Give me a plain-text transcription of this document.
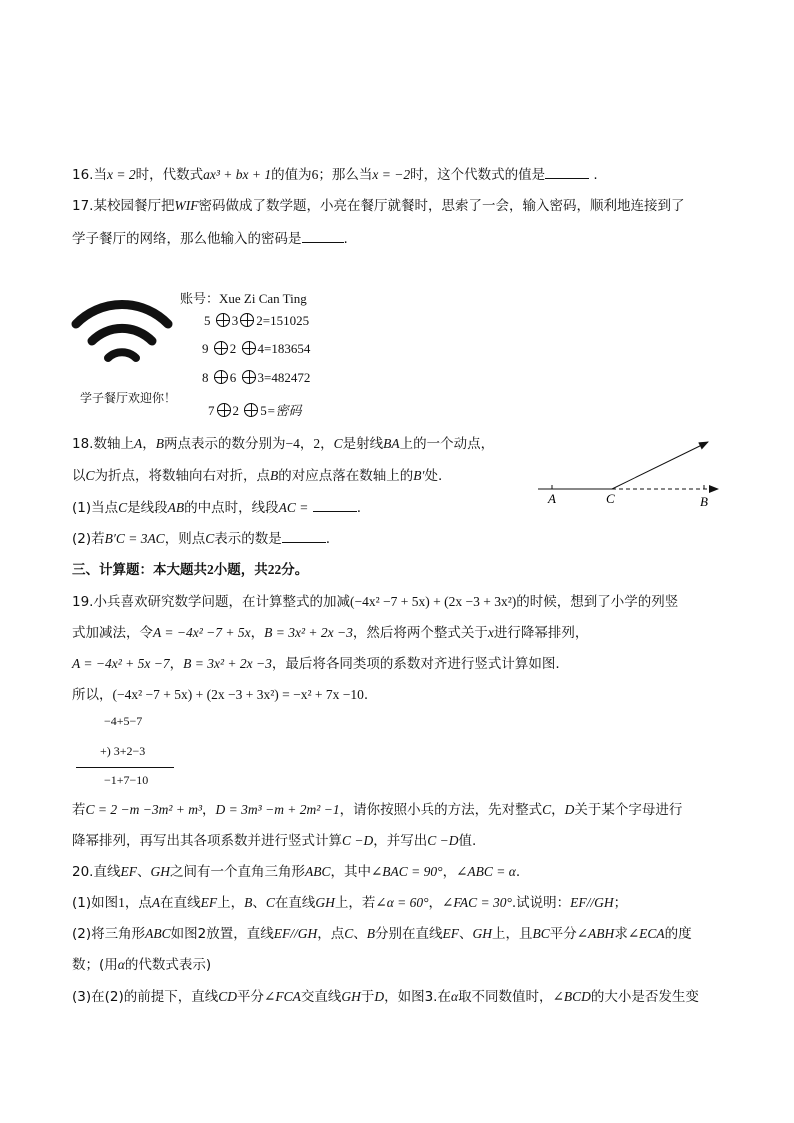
16.当x = 2时，代数式ax³ + bx + 1的值为6；那么当x = −2时，这个代数式的值是	.
17.某校园餐厅把WIF密码做成了数学题，小亮在餐厅就餐时，思索了一会，输入密码，顺利地连接到了
学子餐厅的网络，那么他输入的密码是	.
学子餐厅欢迎你！
账号：Xue Zi Can Ting
5 3 2=151025
9 2 4=183654
8 6 3=482472
7 2 5=密码
18.数轴上A，B两点表示的数分别为−4，2，C是射线BA上的一个动点，
以C为折点，将数轴向右对折，点B的对应点落在数轴上的B′处.
(1)当点C是线段AB的中点时，线段AC =	.
(2)若B′C = 3AC，则点C表示的数是	.
A	C	B
三、计算题：本大题共2小题，共22分。
19.小兵喜欢研究数学问题，在计算整式的加减(−4x² −7 + 5x) + (2x −3 + 3x²)的时候，想到了小学的列竖
式加减法，令A = −4x² −7 + 5x，B = 3x² + 2x −3，然后将两个整式关于x进行降幂排列，
A = −4x² + 5x −7，B = 3x² + 2x −3，最后将各同类项的系数对齐进行竖式计算如图.
所以，(−4x² −7 + 5x) + (2x −3 + 3x²) = −x² + 7x −10.
−4+5−7
+) 3+2−3
−1+7−10
若C = 2 −m −3m² + m³，D = 3m³ −m + 2m² −1，请你按照小兵的方法，先对整式C，D关于某个字母进行
降幂排列，再写出其各项系数并进行竖式计算C −D，并写出C −D值.
20.直线EF、GH之间有一个直角三角形ABC，其中∠BAC = 90°，∠ABC = α.
(1)如图1，点A在直线EF上，B、C在直线GH上，若∠α = 60°，∠FAC = 30°.试说明：EF//GH；
(2)将三角形ABC如图2放置，直线EF//GH，点C、B分别在直线EF、GH上，且BC平分∠ABH求∠ECA的度
数；(用α的代数式表示)
(3)在(2)的前提下，直线CD平分∠FCA交直线GH于D，如图3.在α取不同数值时，∠BCD的大小是否发生变
